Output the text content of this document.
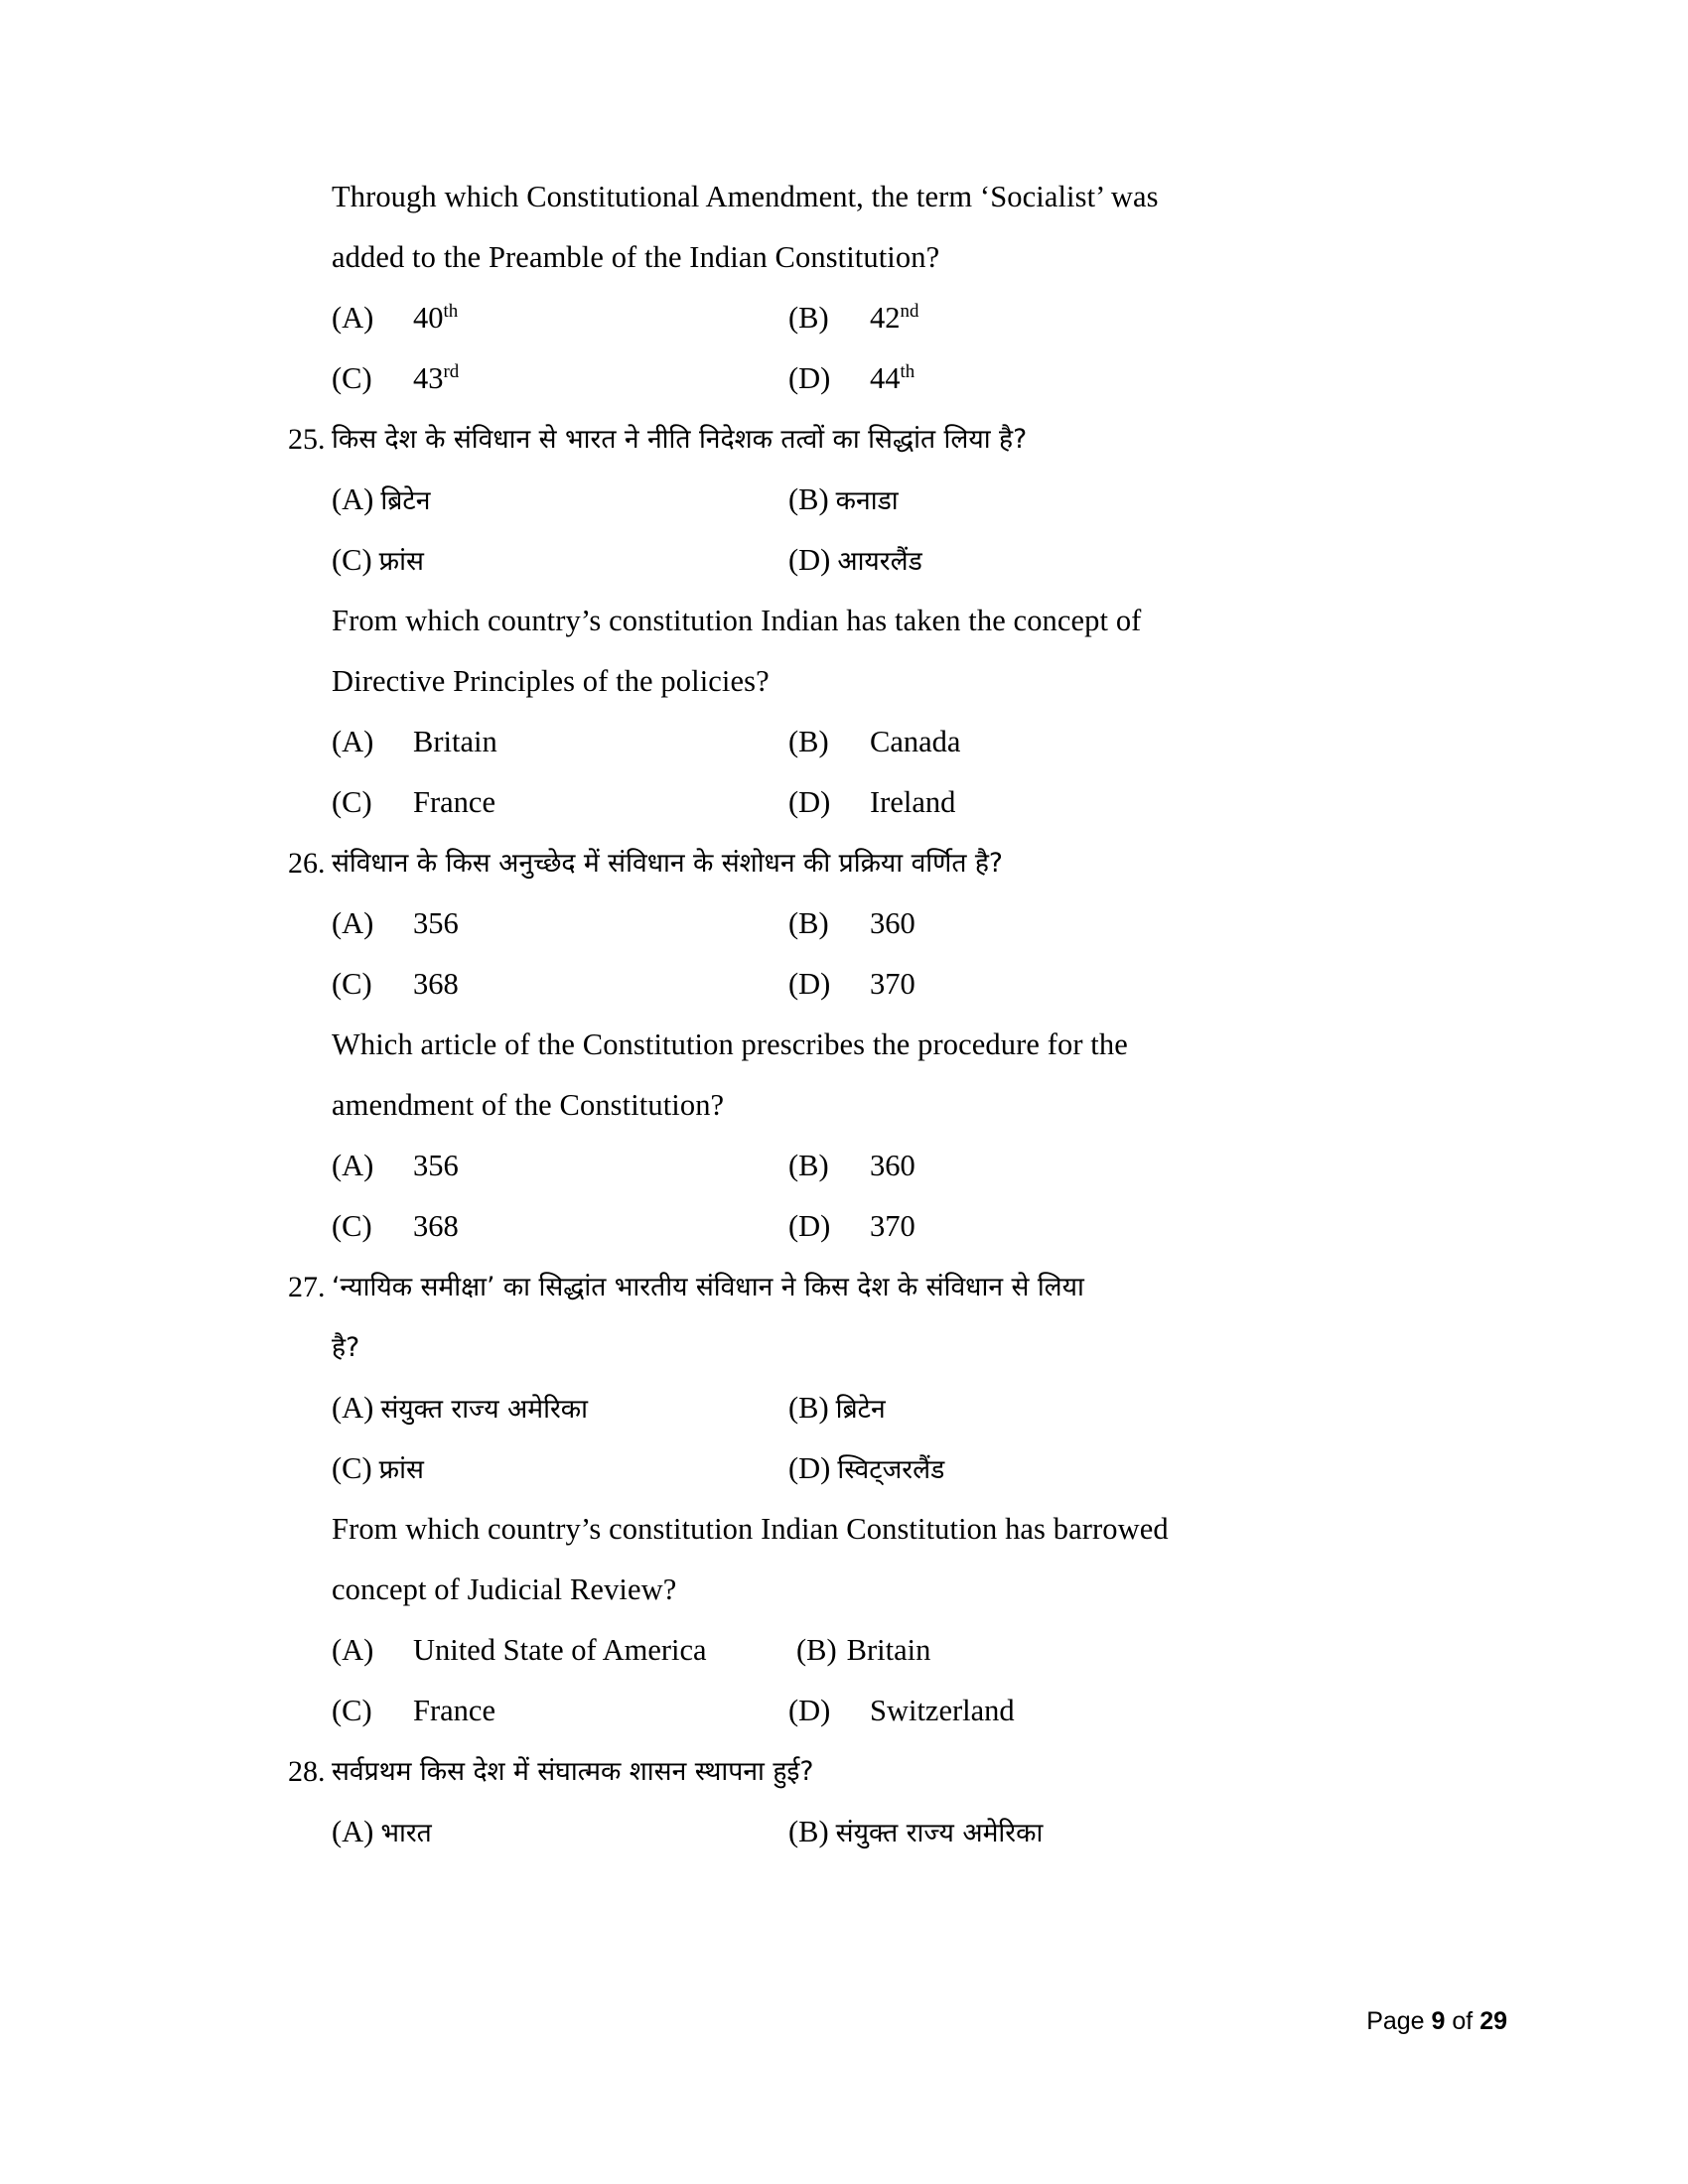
Through which Constitutional Amendment, the term ‘Socialist’ was
added to the Preamble of the Indian Constitution?
(A)	40th	(B)	42nd
(C)	43rd	(D)	44th
25. किस देश के संविधान से भारत ने नीति निदेशक तत्वों का सिद्धांत लिया है?
(A) ब्रिटेन	(B) कनाडा
(C) फ्रांस	(D) आयरलैंड
From which country’s constitution Indian has taken the concept of
Directive Principles of the policies?
(A)	Britain	(B)	Canada
(C)	France	(D)	Ireland
26. संविधान के किस अनुच्छेद में संविधान के संशोधन की प्रक्रिया वर्णित है?
(A)	356	(B)	360
(C)	368	(D)	370
Which article of the Constitution prescribes the procedure for the
amendment of the Constitution?
(A)	356	(B)	360
(C)	368	(D)	370
27. ‘न्यायिक समीक्षा’ का सिद्धांत भारतीय संविधान ने किस देश के संविधान से लिया
है?
(A) संयुक्त राज्य अमेरिका	(B) ब्रिटेन
(C) फ्रांस	(D) स्विट्जरलैंड
From which country’s constitution Indian Constitution has barrowed
concept of Judicial Review?
(A)	United State of America	(B) Britain
(C)	France	(D)	Switzerland
28. सर्वप्रथम किस देश में संघात्मक शासन स्थापना हुई?
(A) भारत	(B) संयुक्त राज्य अमेरिका
Page 9 of 29
